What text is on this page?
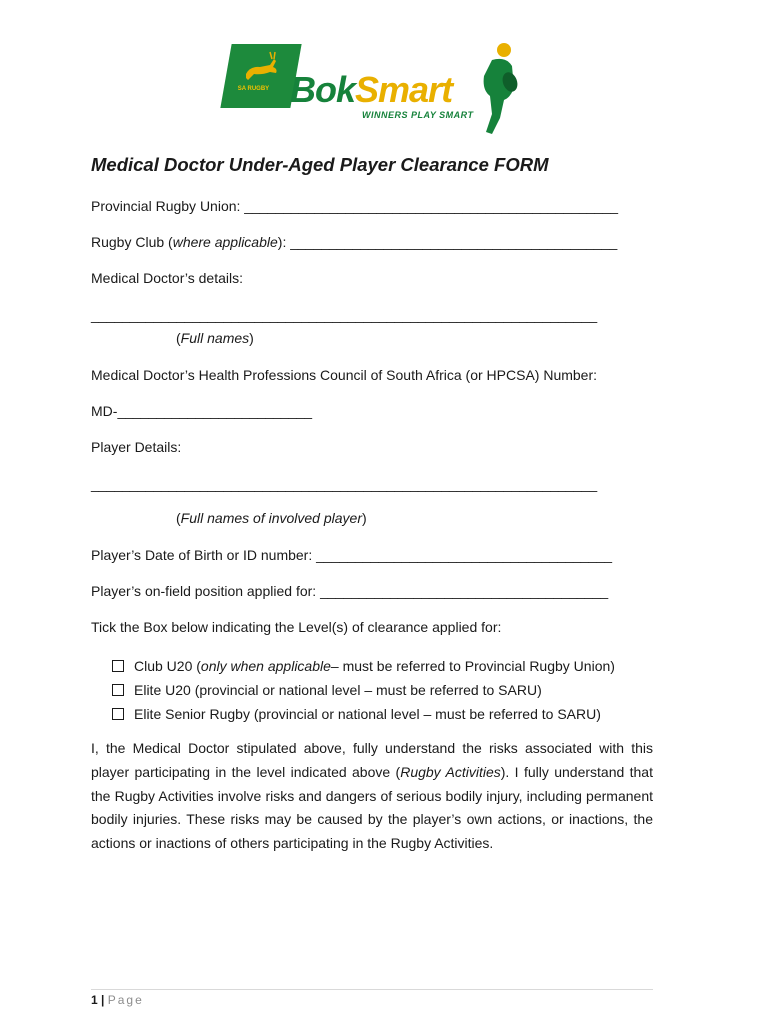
SA RUGBY BokSmart
WINNERS PLAY SMART
Medical Doctor Under-Aged Player Clearance FORM
Provincial Rugby Union: ________________________________________________
Rugby Club (where applicable): __________________________________________
Medical Doctor’s details:
_________________________________________________________________
(Full names)
Medical Doctor’s Health Professions Council of South Africa (or HPCSA) Number:
MD-_________________________
Player Details:
_________________________________________________________________
(Full names of involved player)
Player’s Date of Birth or ID number: ______________________________________
Player’s on-field position applied for: _____________________________________
Tick the Box below indicating the Level(s) of clearance applied for:
Club U20 ( only when applicable – must be referred to Provincial Rugby Union)
Elite U20 (provincial or national level – must be referred to SARU)
Elite Senior Rugby (provincial or national level – must be referred to SARU)

I, the Medical Doctor stipulated above, fully understand the risks associated with this player participating in the level indicated above (Rugby Activities). I fully understand that the Rugby Activities involve risks and dangers of serious bodily injury, including permanent bodily injuries. These risks may be caused by the player’s own actions, or inactions, the actions or inactions of others participating in the Rugby Activities.

1 | Page
